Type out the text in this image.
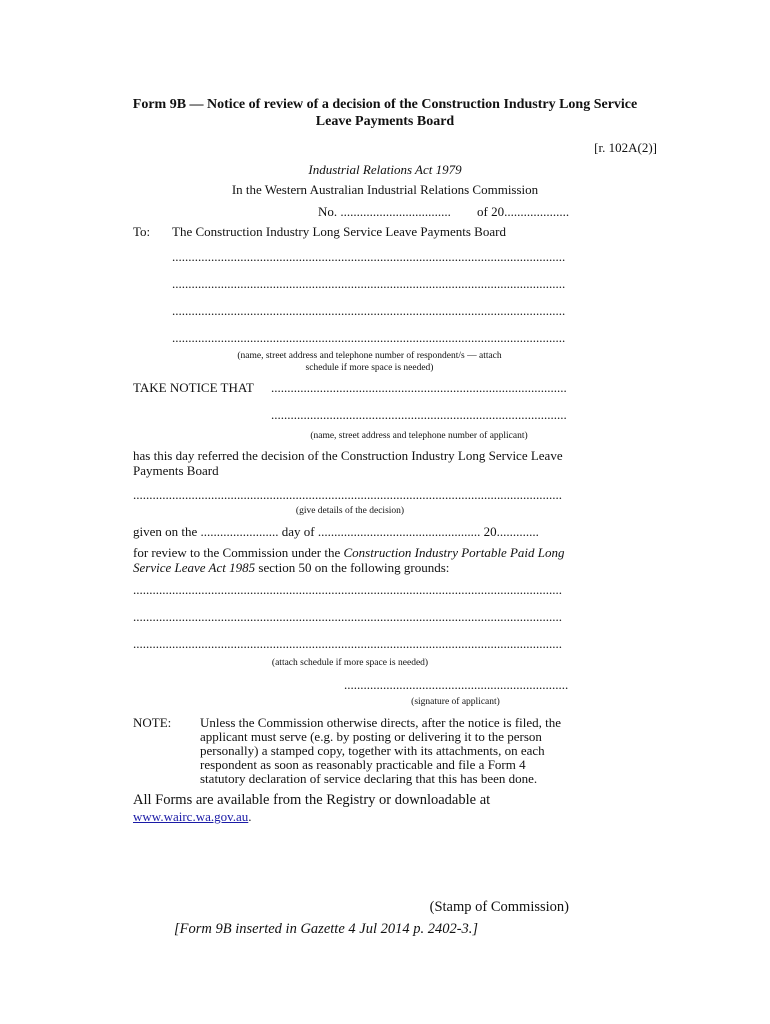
Form 9B — Notice of review of a decision of the Construction Industry Long Service
Leave Payments Board
[r. 102A(2)]
Industrial Relations Act 1979
In the Western Australian Industrial Relations Commission
No. .................................. of 20....................
To: The Construction Industry Long Service Leave Payments Board
.........................................................................................................................
.........................................................................................................................
.........................................................................................................................
.........................................................................................................................
(name, street address and telephone number of respondent/s — attach
schedule if more space is needed)
TAKE NOTICE THAT ...........................................................................................
...........................................................................................
(name, street address and telephone number of applicant)
has this day referred the decision of the Construction Industry Long Service Leave
Payments Board
....................................................................................................................................
(give details of the decision)
given on the ........................ day of .................................................. 20.............
for review to the Commission under the Construction Industry Portable Paid Long
Service Leave Act 1985 section 50 on the following grounds:
....................................................................................................................................
....................................................................................................................................
....................................................................................................................................
(attach schedule if more space is needed)
.....................................................................
(signature of applicant)
NOTE: Unless the Commission otherwise directs, after the notice is filed, the
applicant must serve (e.g. by posting or delivering it to the person
personally) a stamped copy, together with its attachments, on each
respondent as soon as reasonably practicable and file a Form 4
statutory declaration of service declaring that this has been done.
All Forms are available from the Registry or downloadable at
www.wairc.wa.gov.au.
(Stamp of Commission)
[Form 9B inserted in Gazette 4 Jul 2014 p. 2402-3.]
